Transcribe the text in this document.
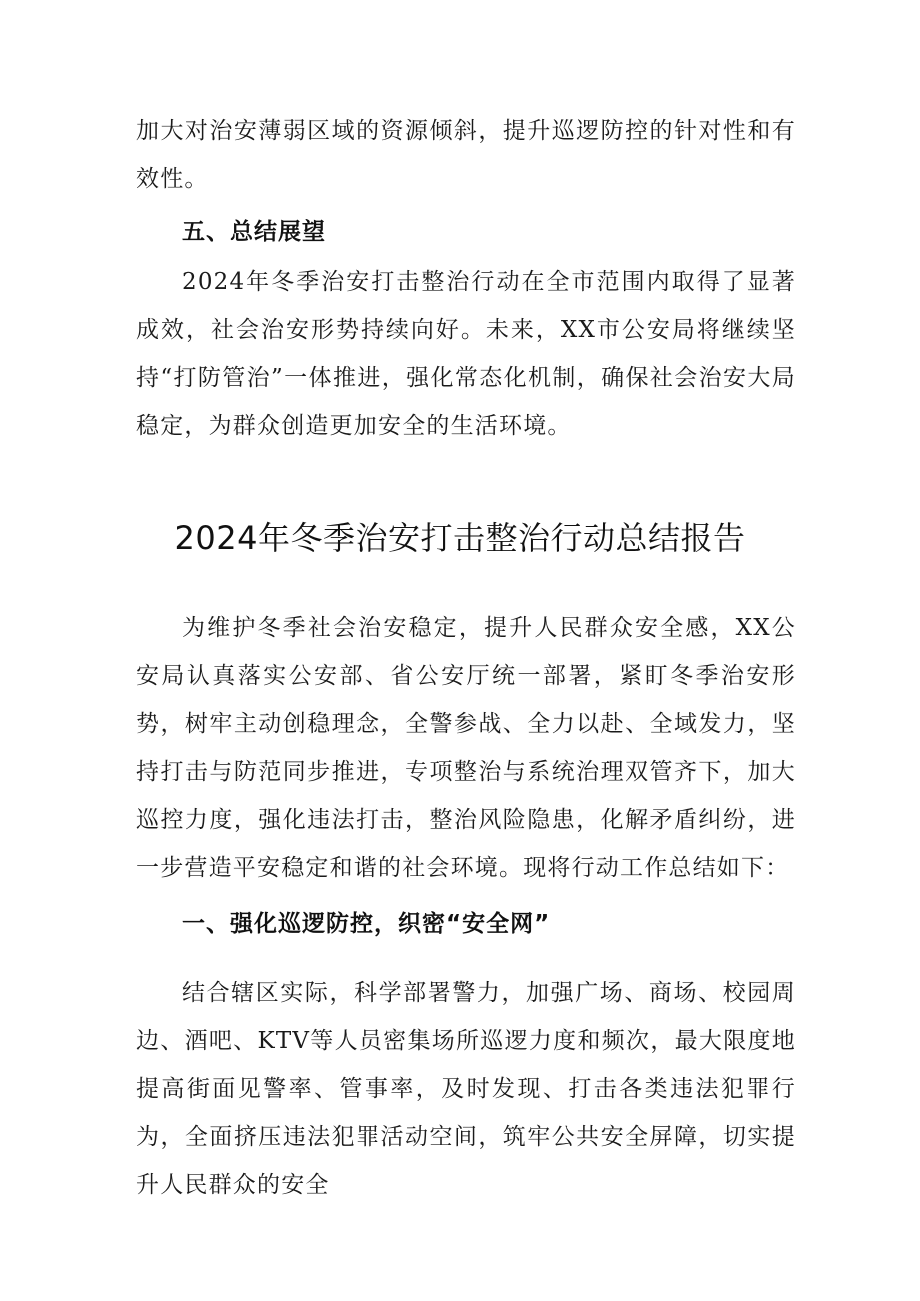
加大对治安薄弱区域的资源倾斜，提升巡逻防控的针对性和有效性。

五、总结展望

2024年冬季治安打击整治行动在全市范围内取得了显著成效，社会治安形势持续向好。未来，XX市公安局将继续坚持“打防管治”一体推进，强化常态化机制，确保社会治安大局稳定，为群众创造更加安全的生活环境。

2024年冬季治安打击整治行动总结报告

为维护冬季社会治安稳定，提升人民群众安全感，XX公安局认真落实公安部、省公安厅统一部署，紧盯冬季治安形势，树牢主动创稳理念，全警参战、全力以赴、全域发力，坚持打击与防范同步推进，专项整治与系统治理双管齐下，加大巡控力度，强化违法打击，整治风险隐患，化解矛盾纠纷，进一步营造平安稳定和谐的社会环境。现将行动工作总结如下：

一、强化巡逻防控，织密“安全网”

结合辖区实际，科学部署警力，加强广场、商场、校园周边、酒吧、KTV等人员密集场所巡逻力度和频次，最大限度地提高街面见警率、管事率，及时发现、打击各类违法犯罪行为，全面挤压违法犯罪活动空间，筑牢公共安全屏障，切实提升人民群众的安全
